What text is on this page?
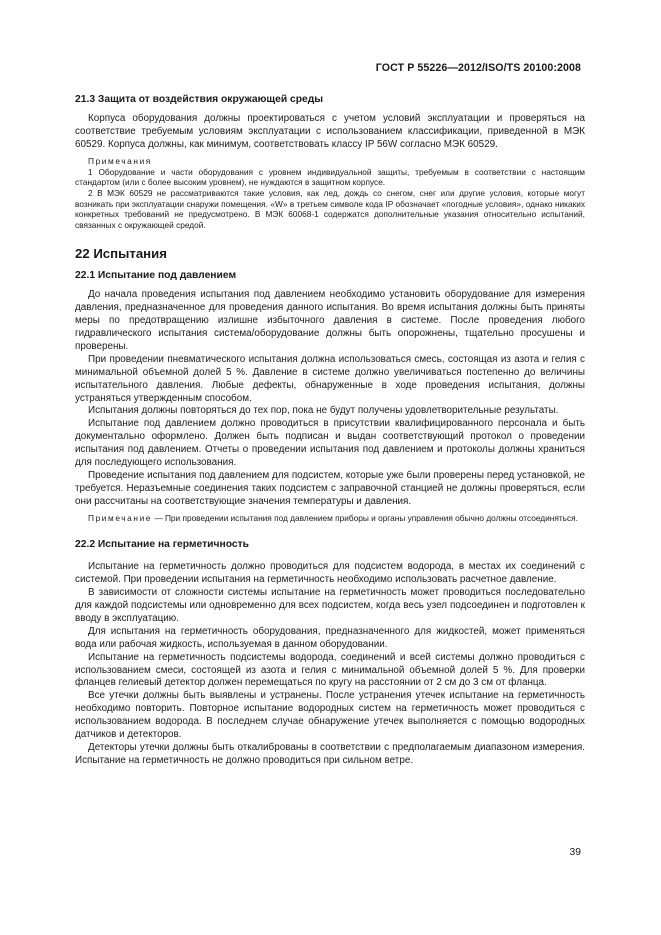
ГОСТ Р 55226—2012/ISO/TS 20100:2008
21.3 Защита от воздействия окружающей среды

Корпуса оборудования должны проектироваться с учетом условий эксплуатации и проверяться на соответствие требуемым условиям эксплуатации с использованием классификации, приведенной в МЭК 60529. Корпуса должны, как минимум, соответствовать классу IP 56W согласно МЭК 60529.

Примечания

1 Оборудование и части оборудования с уровнем индивидуальной защиты, требуемым в соответствии с настоящим стандартом (или с более высоким уровнем), не нуждаются в защитном корпусе.

2 В МЭК 60529 не рассматриваются такие условия, как лед, дождь со снегом, снег или другие условия, которые могут возникать при эксплуатации снаружи помещения. «W» в третьем символе кода IP обозначает «погодные условия», однако никаких конкретных требований не предусмотрено. В МЭК 60068-1 содержатся дополнительные указания относительно испытаний, связанных с окружающей средой.

22 Испытания
22.1 Испытание под давлением

До начала проведения испытания под давлением необходимо установить оборудование для измерения давления, предназначенное для проведения данного испытания. Во время испытания должны быть приняты меры по предотвращению излишне избыточного давления в системе. После проведения любого гидравлического испытания система/оборудование должны быть опорожнены, тщательно просушены и проверены.

При проведении пневматического испытания должна использоваться смесь, состоящая из азота и гелия с минимальной объемной долей 5 %. Давление в системе должно увеличиваться постепенно до величины испытательного давления. Любые дефекты, обнаруженные в ходе проведения испытания, должны устраняться утвержденным способом.

Испытания должны повторяться до тех пор, пока не будут получены удовлетворительные результаты.

Испытание под давлением должно проводиться в присутствии квалифицированного персонала и быть документально оформлено. Должен быть подписан и выдан соответствующий протокол о проведении испытания под давлением. Отчеты о проведении испытания под давлением и протоколы должны храниться для последующего использования.

Проведение испытания под давлением для подсистем, которые уже были проверены перед установкой, не требуется. Неразъемные соединения таких подсистем с заправочной станцией не должны проверяться, если они рассчитаны на соответствующие значения температуры и давления.

Примечание — При проведении испытания под давлением приборы и органы управления обычно должны отсоединяться.

22.2 Испытание на герметичность

Испытание на герметичность должно проводиться для подсистем водорода, в местах их соединений с системой. При проведении испытания на герметичность необходимо использовать расчетное давление.

В зависимости от сложности системы испытание на герметичность может проводиться последовательно для каждой подсистемы или одновременно для всех подсистем, когда весь узел подсоединен и подготовлен к вводу в эксплуатацию.

Для испытания на герметичность оборудования, предназначенного для жидкостей, может применяться вода или рабочая жидкость, используемая в данном оборудовании.

Испытание на герметичность подсистемы водорода, соединений и всей системы должно проводиться с использованием смеси, состоящей из азота и гелия с минимальной объемной долей 5 %. Для проверки фланцев гелиевый детектор должен перемещаться по кругу на расстоянии от 2 см до 3 см от фланца.

Все утечки должны быть выявлены и устранены. После устранения утечек испытание на герметичность необходимо повторить. Повторное испытание водородных систем на герметичность может проводиться с использованием водорода. В последнем случае обнаружение утечек выполняется с помощью водородных датчиков и детекторов.

Детекторы утечки должны быть откалиброваны в соответствии с предполагаемым диапазоном измерения. Испытание на герметичность не должно проводиться при сильном ветре.

39
